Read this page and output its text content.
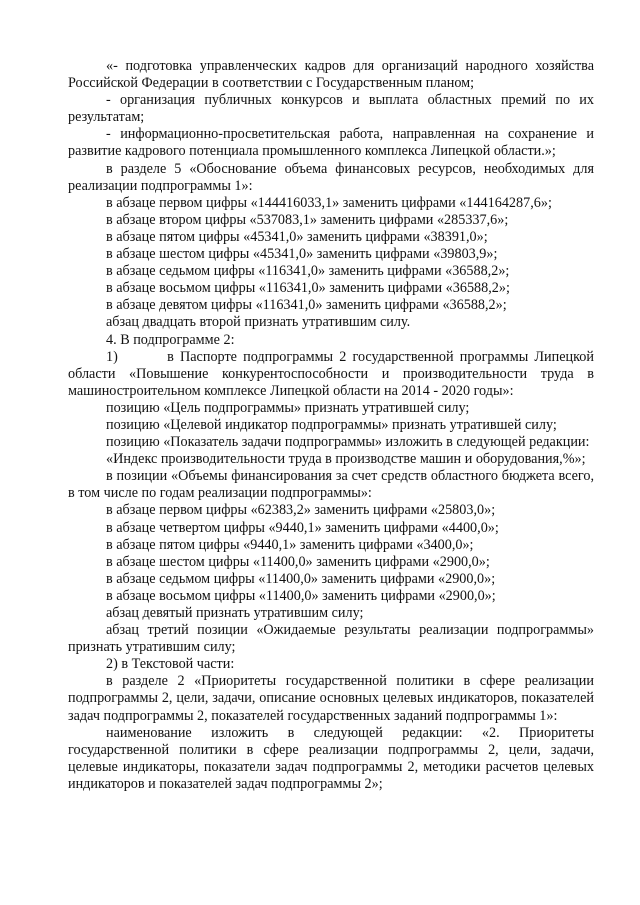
«- подготовка управленческих кадров для организаций народного хозяйства Российской Федерации в соответствии с Государственным планом;

- организация публичных конкурсов и выплата областных премий по их результатам;

- информационно-просветительская работа, направленная на сохранение и развитие кадрового потенциала промышленного комплекса Липецкой области.»;

в разделе 5 «Обоснование объема финансовых ресурсов, необходимых для реализации подпрограммы 1»:

в абзаце первом цифры «144416033,1» заменить цифрами «144164287,6»;

в абзаце втором цифры «537083,1» заменить цифрами «285337,6»;

в абзаце пятом цифры «45341,0» заменить цифрами «38391,0»;

в абзаце шестом цифры «45341,0» заменить цифрами «39803,9»;

в абзаце седьмом цифры «116341,0» заменить цифрами «36588,2»;

в абзаце восьмом цифры «116341,0» заменить цифрами «36588,2»;

в абзаце девятом цифры «116341,0» заменить цифрами «36588,2»;

абзац двадцать второй признать утратившим силу.

4. В подпрограмме 2:

1)        в Паспорте подпрограммы 2 государственной программы Липецкой области «Повышение конкурентоспособности и производительности труда в машиностроительном комплексе Липецкой области на 2014 - 2020 годы»:

позицию «Цель подпрограммы» признать утратившей силу;

позицию «Целевой индикатор подпрограммы» признать утратившей силу;

позицию «Показатель задачи подпрограммы» изложить в следующей редакции:

«Индекс производительности труда в производстве машин и оборудования,%»;

в позиции «Объемы финансирования за счет средств областного бюджета всего, в том числе по годам реализации подпрограммы»:

в абзаце первом цифры «62383,2» заменить цифрами «25803,0»;

в абзаце четвертом цифры «9440,1» заменить цифрами «4400,0»;

в абзаце пятом цифры «9440,1» заменить цифрами «3400,0»;

в абзаце шестом цифры «11400,0» заменить цифрами «2900,0»;

в абзаце седьмом цифры «11400,0» заменить цифрами «2900,0»;

в абзаце восьмом цифры «11400,0» заменить цифрами «2900,0»;

абзац девятый признать утратившим силу;

абзац третий позиции «Ожидаемые результаты реализации подпрограммы» признать утратившим силу;

2) в Текстовой части:

в разделе 2 «Приоритеты государственной политики в сфере реализации подпрограммы 2, цели, задачи, описание основных целевых индикаторов, показателей задач подпрограммы 2, показателей государственных заданий подпрограммы 1»:

наименование изложить в следующей редакции: «2. Приоритеты государственной политики в сфере реализации подпрограммы 2, цели, задачи, целевые индикаторы, показатели задач подпрограммы 2, методики расчетов целевых индикаторов и показателей задач подпрограммы 2»;
